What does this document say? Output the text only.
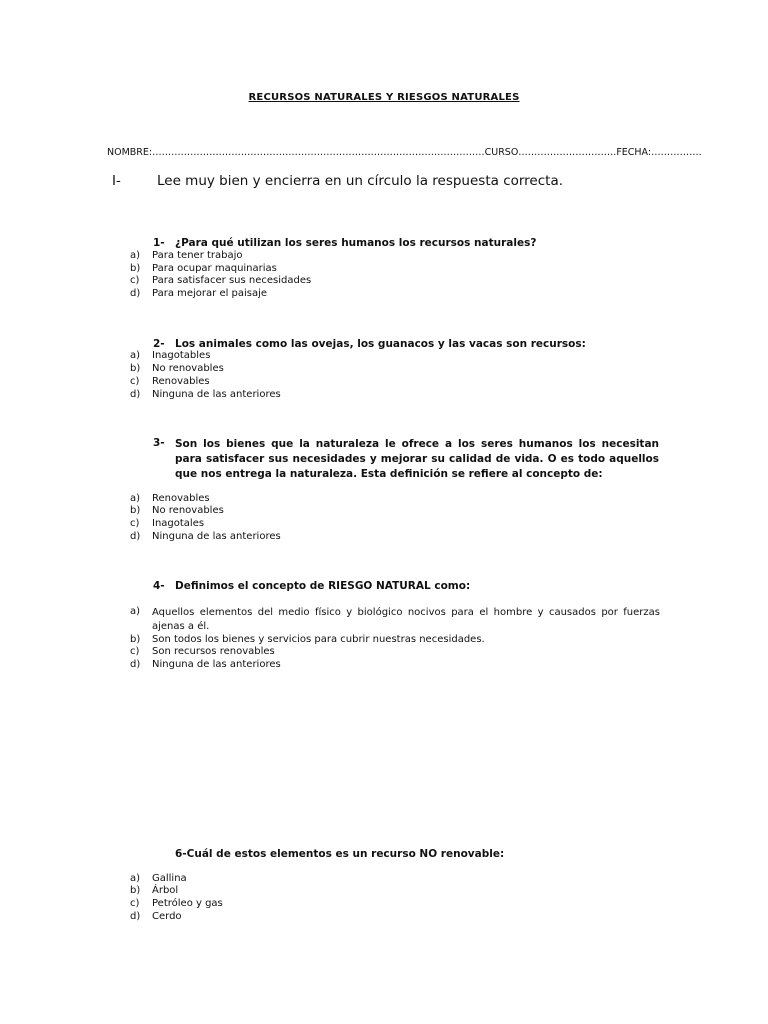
RECURSOS NATURALES Y RIESGOS NATURALES
NOMBRE:……………………………………………………………………………………………CURSO………………………….FECHA:…………….
I-	Lee muy bien y encierra en un círculo la respuesta correcta.
1- ¿Para qué utilizan los seres humanos los recursos naturales?
a) Para tener trabajo
b) Para ocupar maquinarias
c) Para satisfacer sus necesidades
d) Para mejorar el paisaje
2- Los animales como las ovejas, los guanacos y las vacas son recursos:
a) Inagotables
b) No renovables
c) Renovables
d) Ninguna de las anteriores
3- Son los bienes que la naturaleza le ofrece a los seres humanos los necesitan para satisfacer sus necesidades y mejorar su calidad de vida. O es todo aquellos que nos entrega la naturaleza. Esta definición se refiere al concepto de:
a) Renovables
b) No renovables
c) Inagotales
d) Ninguna de las anteriores
4- Definimos el concepto de RIESGO NATURAL como:
a) Aquellos elementos del medio físico y biológico nocivos para el hombre y causados por fuerzas ajenas a él.
b) Son todos los bienes y servicios para cubrir nuestras necesidades.
c) Son recursos renovables
d) Ninguna de las anteriores
6-Cuál de estos elementos es un recurso NO renovable:
a) Gallina
b) Árbol
c) Petróleo y gas
d) Cerdo
